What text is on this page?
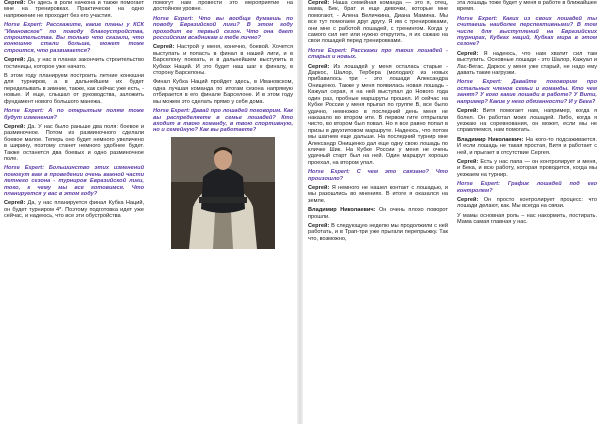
Сергей: Он здесь в роли начкона и также помогает мне на тренировках. Практически на одно напряжение не проходит без его участия.

Horse Expert: Расскажите, какие планы у КСК "Ивановское" по поводу благоустройства, строительства. Вы только что сказали, что конюшню стали больше, может тоже строится, что развивается?

Сергей: Да, у нас в планах закончить строительство гостиницы, которое уже начато.

В этом году планируем построить летние конюшни для турниров, а в дальнейшем их будет переделывать в зимние, также, как сейчас уже есть, - новые. И еще, слышал от руководства, заложить фундамент нового большого манежа.

Horse Expert: А по открытым полям тоже будут изменения?

Сергей: Да. У нас было раньше два поля: боевое и разминочное. Потом из разминочного сделали боевое малое. Теперь оно будет немного увеличено в ширину, поэтому станет немного удобнее будет. Также останется два боевых и одно разминочное поле.

Horse Expert: Большинство этих изменений помогут вам в проведении очень важной части летнего сезона - турниров Евразийской лиги, того, к чему мы все готовимся. Что планируется у вас в этом году?

Сергей: Да, у нас планируется финал Кубка Наций, он будет турниром 4*. Поэтому подготовка идет уже сейчас, и надеюсь, что все эти обустройства

помогут нам провести это мероприятие на достойном уровне.

Horse Expert: Что вы вообще думаешь по поводу Евразийской лиги? В этом году проходит ее первый сезон. Что она дает российским всадникам и тебе лично?

Сергей: Настрой у меня, конечно, боевой. Хочется выступать и попасть в финал в нашей лиги, и в Барселону поехать, и в дальнейшем выступить в Кубках Наций. И это будет наш шаг к финалу, в сторону Барселоны.

Финал Кубка Наций пройдет здесь, в Ивановском, одна лучшая команда по итогам сезона напрямую отбирается в его финале Барселоне. И в этом году мы можем это сделать прямо у себя дома.

Horse Expert: Давай про лошадей поговорим. Как вы распределяете в семье лошадей? Кто входит в твою команду, в твою спортивную, но и семейную? Как вы работаете?

Сергей: Наша семейная команда — это я, отец, мама, Бек, брат и еще девочки, которые мне помогают, - Алена Величкина, Диана Мамина. Мы все тут помогаем друг другу. Я им с тренировками, они мне с работой лошадей, с тренингом. Когда у самого сил нет или нужно открутить, я их сажаю на свои лошадей перед тренировками.

Horse Expert: Расскажи про твоих лошадей - старых и новых.

Сергей: Из лошадей у меня осталась старые - Даркос, Шалор, Тербера (молодая): из новых прибавилось три - это лошади Александра Онищенко. Также у меня появилась новая лошадь - Кажуал серая, я на ней выступал до Нового года один раз, пробные маршруты прошел. И сейчас на Кубке России у меня прыгал по группе В, все было удачно, немножко в последний день меня не наказало во втором ите. В первом гите отпрыгали чисто, во втором был повал. Но я все равно попал в призы в двухгитовом маршруте. Надеюсь, что потом мы шагнем еще дальше. На последний турнир мне Александр Онищенко дал еще одну свою лошадь по кличке Шик. На Кубке России у меня не очень удачный старт был на ней. Один маршрут хорошо проехал, на втором упал.

Horse Expert: С чем это связано? Что произошло?

Сергей: Я немного не нашел контакт с лошадью, и мы разошлись во мнениях. В итоге я оказался на земле.

Владимир Николаевич: Он очень плохо поворот прошли.

Сергей: В следующую неделю мы продолжили с ней работать, и в Трап-три уже прыгали перепрыжку. Так что, возможно,

эта лошадь тоже будет у меня в работе в ближайшее время.

Horse Expert: Каких из своих лошадей ты считаешь наиболее перспективными? В том числе для выступлений на Евразийских турнирах, Кубках наций, Кубках мира в этом сезоне?

Сергей: Я надеюсь, что нам хватит сил там выступить. Основные лошади - это Шалор, Кажуал и Лас-Вегас. Даркос у меня уже старый, не надо ему давать такие нагрузки.

Horse Expert: Давайте поговорим про остальных членов семьи и команды. Кто чем занят? У кого какие лошади в работе? У Вити, например? Какие у него обязанности? И у Бека?

Сергей: Витя помогает нам, например, когда я болел. Он работал моих лошадей. Либо, когда я уезжаю на соревнования, он может, если мы не справляемся, нам помогать.

Владимир Николаевич: На кого-то подсаживается. И если лошадь не такая простая, Витя и работает с ней, и прыгает в отсутствие Сергея.

Сергей: Есть у нас папа — он контролирует и меня, и Бека, и всю работу, которая проводится, когда мы уезжаем на турнир.

Horse Expert: График лошадей под его контролем?

Сергей: Он просто контролирует процесс: что лошади делают, как. Мы всегда на связи.

У мамы основная роль – нас накормить, постирать. Мама самая главная у нас.
